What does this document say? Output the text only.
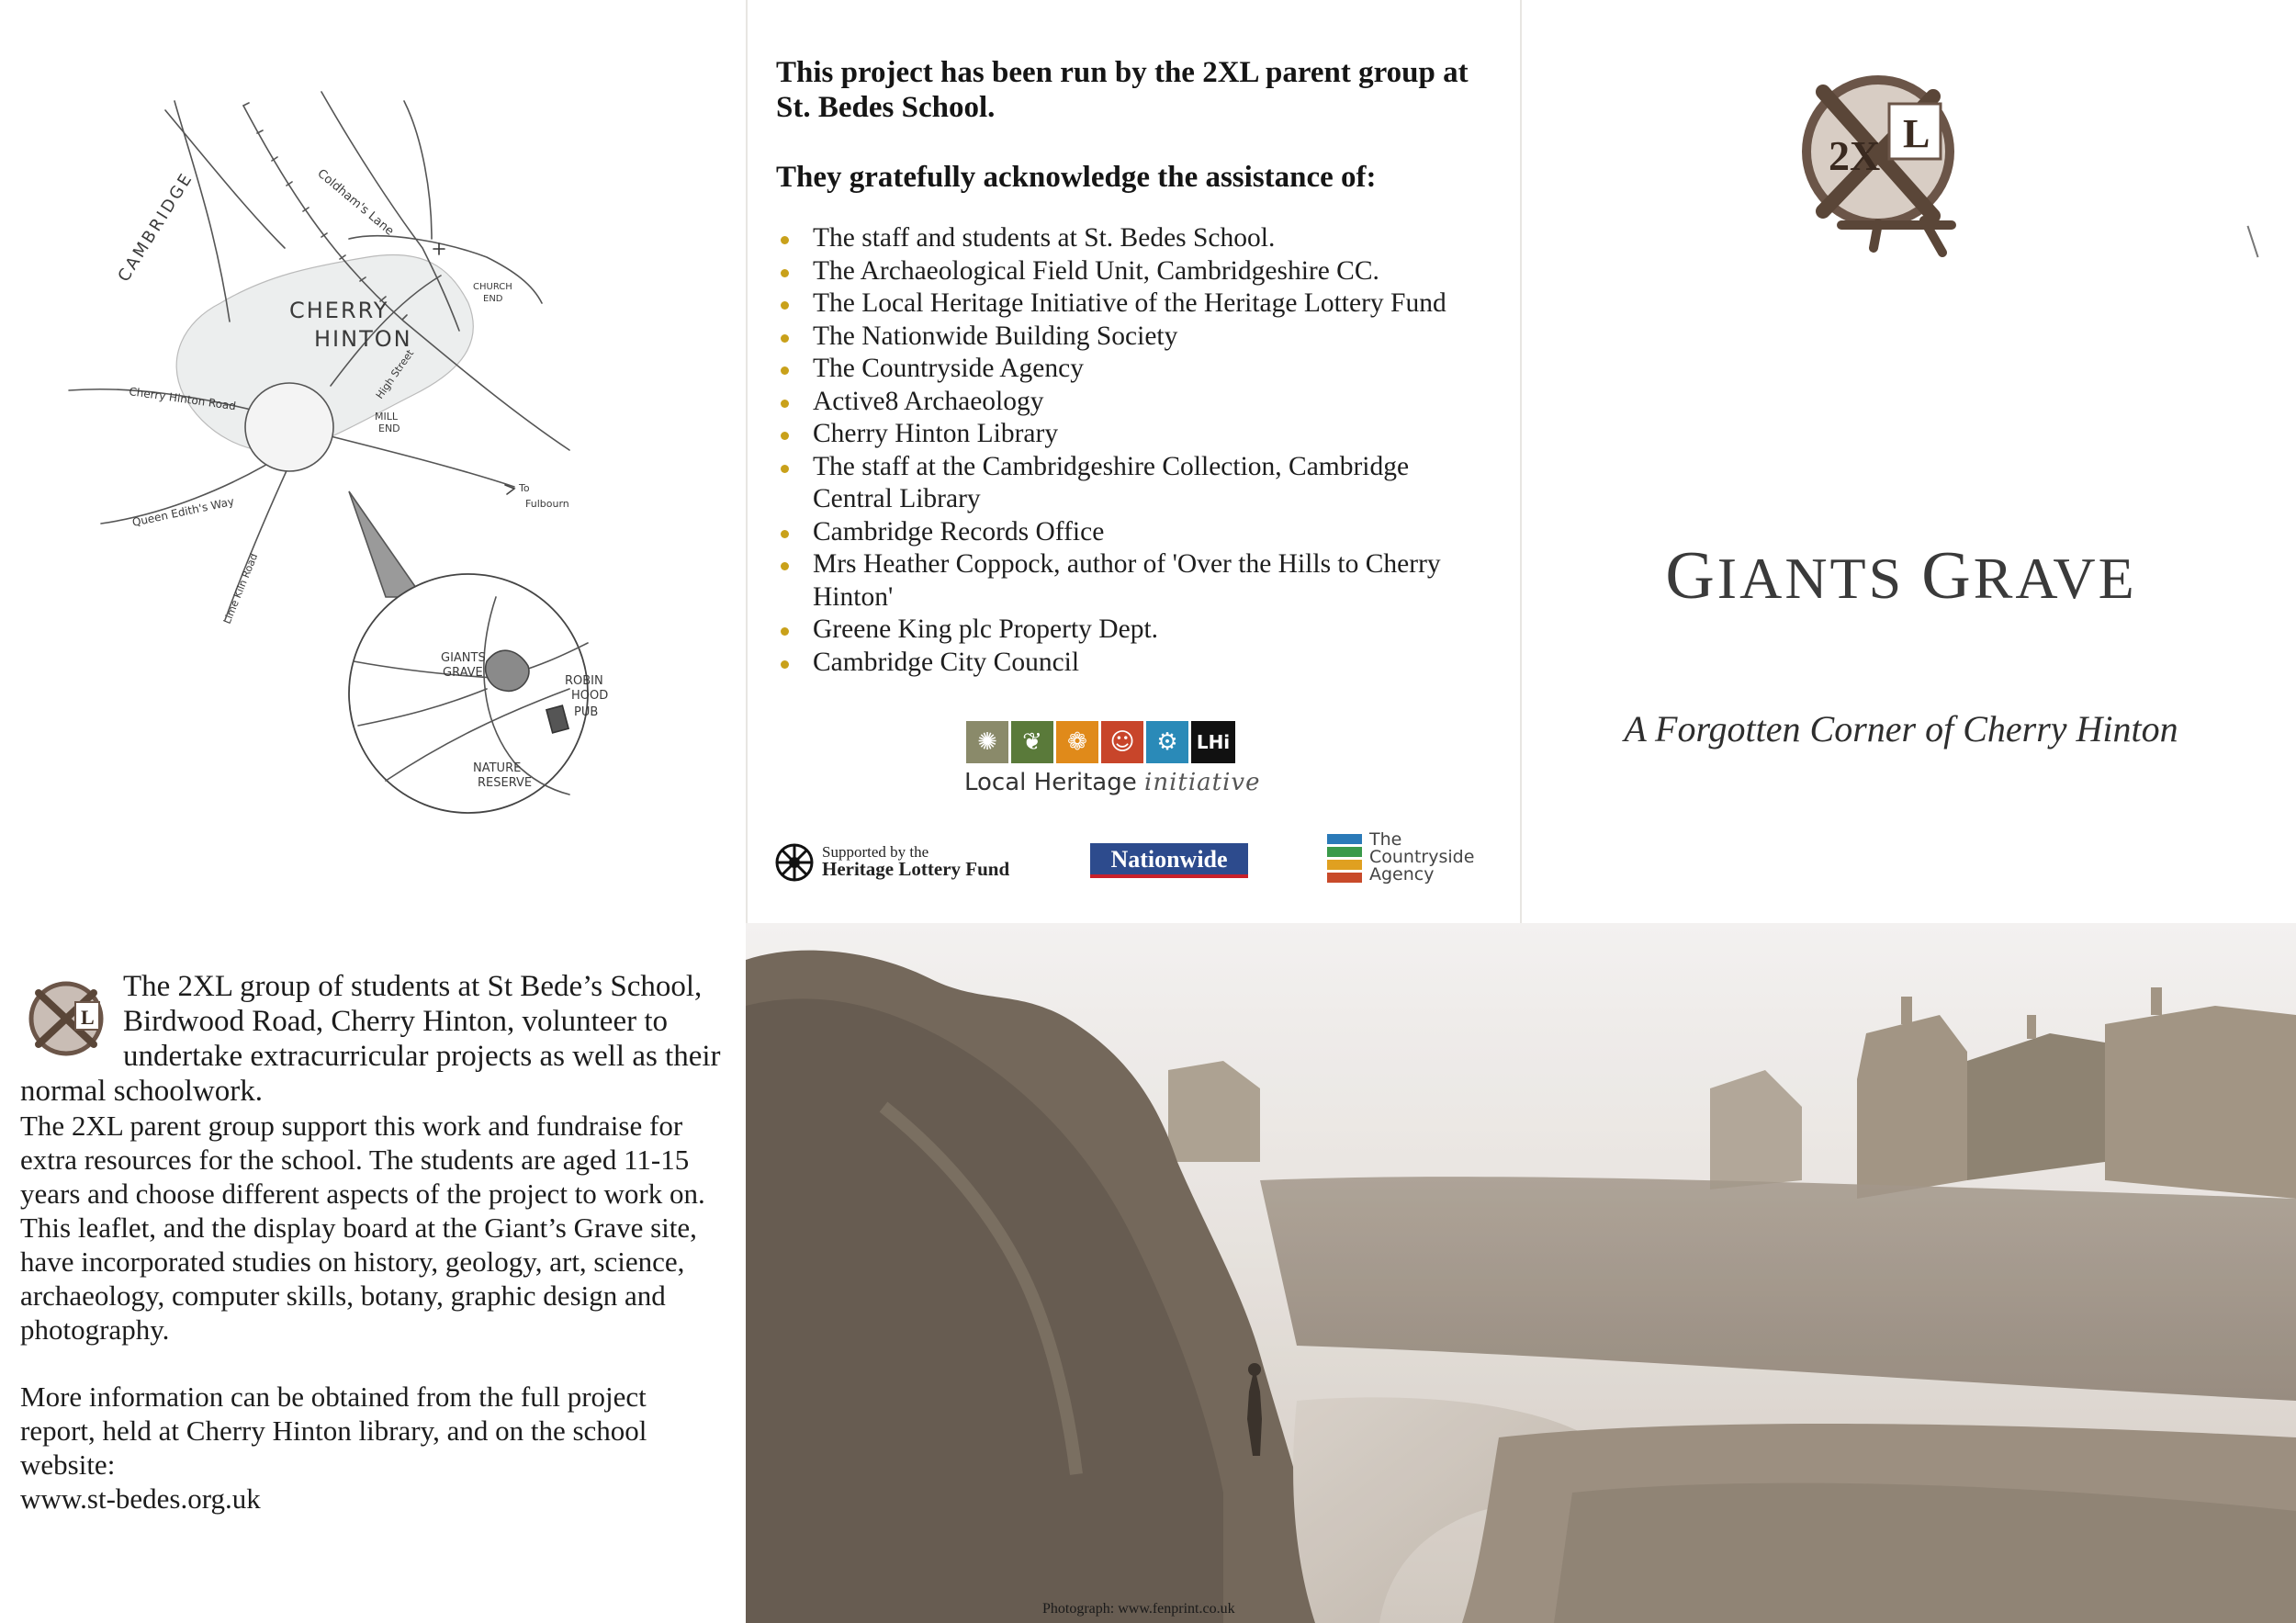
CAMBRIDGE	Coldham's Lane
CHERRY
HINTON
CHURCH
END
High Street
Cherry Hinton Road
MILL
END
To
Fulbourn
Queen Edith's Way
Lime Kiln Road
GIANTS
GRAVE
ROBIN
HOOD
PUB
NATURE
RESERVE
L

The 2XL group of students at St Bede’s School, Birdwood Road, Cherry Hinton, volunteer to undertake extracurricular projects as well as their normal schoolwork.

The 2XL parent group support this work and fundraise for extra resources for the school. The students are aged 11-15 years and choose different aspects of the project to work on. This leaflet, and the display board at the Giant’s Grave site, have incorporated studies on history, geology, art, science, archaeology, computer skills, botany, graphic design and photography.

More information can be obtained from the full project report, held at Cherry Hinton library, and on the school website:

www.st-bedes.org.uk

This project has been run by the 2XL parent group at St. Bedes School.
They gratefully acknowledge the assistance of:
The staff and students at St. Bedes School.
The Archaeological Field Unit, Cambridgeshire CC.
The Local Heritage Initiative of the Heritage Lottery Fund
The Nationwide Building Society
The Countryside Agency
Active8 Archaeology
Cherry Hinton Library
The staff at the Cambridgeshire Collection, Cambridge Central Library
Cambridge Records Office
Mrs Heather Coppock, author of 'Over the Hills to Cherry Hinton'
Greene King plc Property Dept.
Cambridge City Council
✺	❦	❁ ☺ ⚙	LHi
Local Heritage initiative
Supported by the
Heritage Lottery Fund	Nationwide
The
Countryside
Agency
Photograph: www.fenprint.co.uk
L
2X
GIANTS GRAVE
A Forgotten Corner of Cherry Hinton
